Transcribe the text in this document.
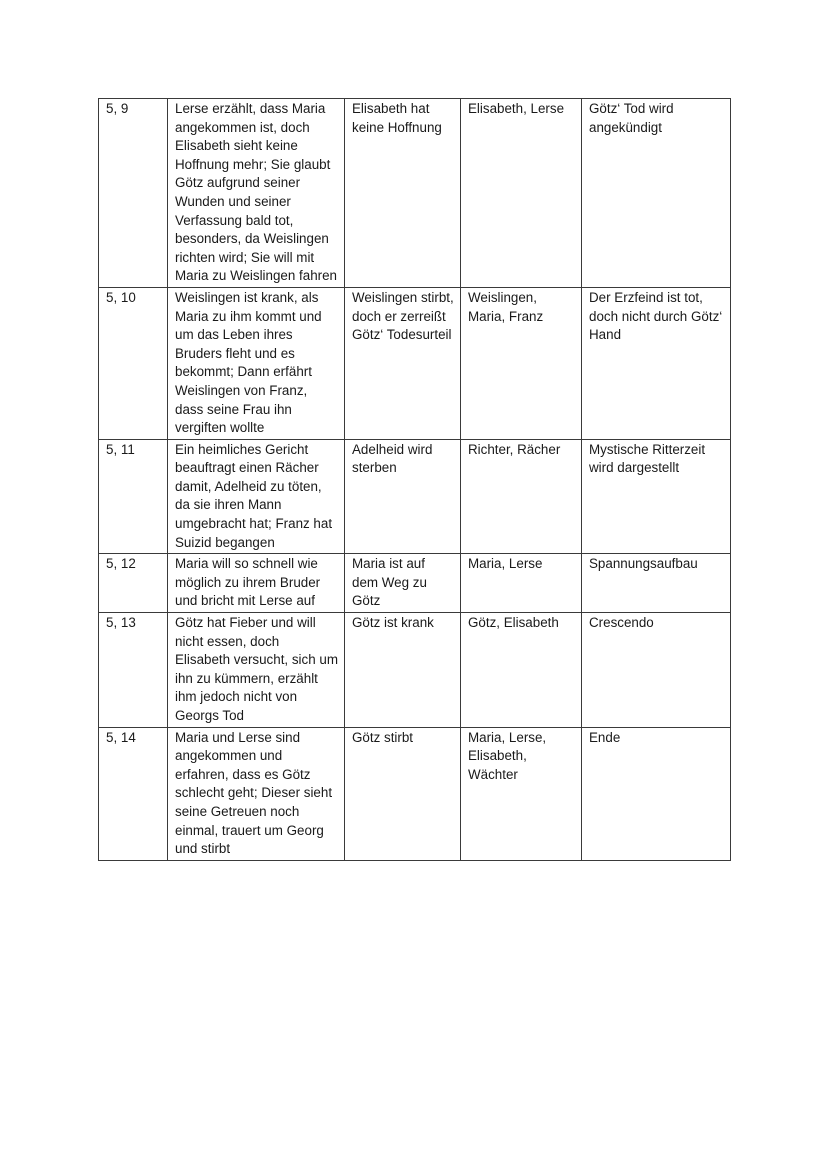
5, 9	Lerse erzählt, dass Maria angekommen ist, doch Elisabeth sieht keine Hoffnung mehr; Sie glaubt Götz aufgrund seiner Wunden und seiner Verfassung bald tot, besonders, da Weislingen richten wird; Sie will mit Maria zu Weislingen fahren	Elisabeth hat keine Hoffnung	Elisabeth, Lerse	Götz‘ Tod wird angekündigt
5, 10	Weislingen ist krank, als Maria zu ihm kommt und um das Leben ihres Bruders fleht und es bekommt; Dann erfährt Weislingen von Franz, dass seine Frau ihn vergiften wollte	Weislingen stirbt, doch er zerreißt Götz‘ Todesurteil	Weislingen, Maria, Franz	Der Erzfeind ist tot, doch nicht durch Götz‘ Hand
5, 11	Ein heimliches Gericht beauftragt einen Rächer damit, Adelheid zu töten, da sie ihren Mann umgebracht hat; Franz hat Suizid begangen	Adelheid wird sterben	Richter, Rächer	Mystische Ritterzeit wird dargestellt
5, 12	Maria will so schnell wie möglich zu ihrem Bruder und bricht mit Lerse auf	Maria ist auf dem Weg zu Götz	Maria, Lerse	Spannungsaufbau
5, 13	Götz hat Fieber und will nicht essen, doch Elisabeth versucht, sich um ihn zu kümmern, erzählt ihm jedoch nicht von Georgs Tod	Götz ist krank	Götz, Elisabeth	Crescendo
5, 14	Maria und Lerse sind angekommen und erfahren, dass es Götz schlecht geht; Dieser sieht seine Getreuen noch einmal, trauert um Georg und stirbt	Götz stirbt	Maria, Lerse, Elisabeth, Wächter	Ende
